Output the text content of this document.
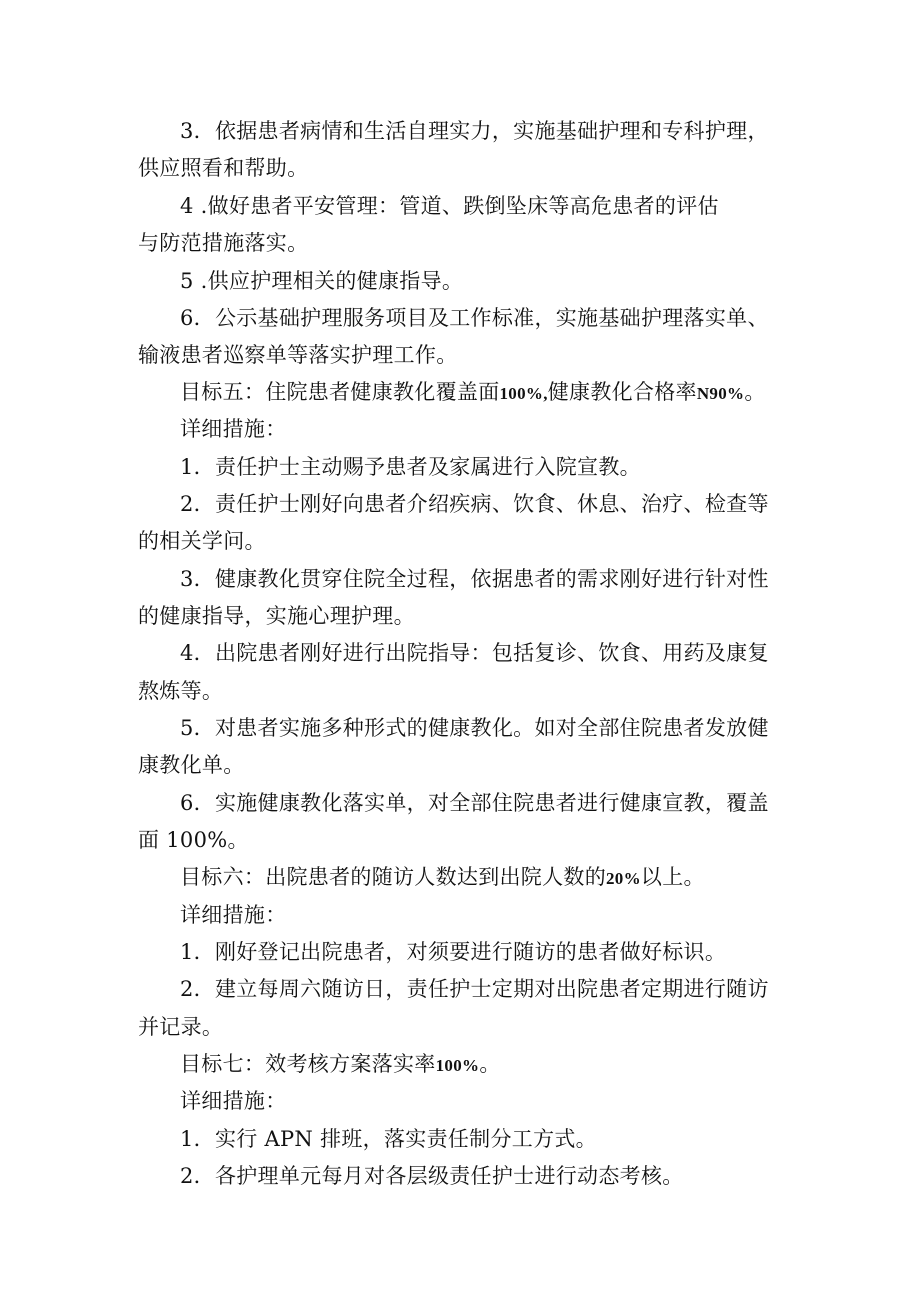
3．依据患者病情和生活自理实力，实施基础护理和专科护理，
供应照看和帮助。
4 .做好患者平安管理：管道、跌倒坠床等高危患者的评估
与防范措施落实。
5 .供应护理相关的健康指导。
6．公示基础护理服务项目及工作标准，实施基础护理落实单、
输液患者巡察单等落实护理工作。
目标五：住院患者健康教化覆盖面100%,健康教化合格率N90%。
详细措施：
1．责任护士主动赐予患者及家属进行入院宣教。
2．责任护士刚好向患者介绍疾病、饮食、休息、治疗、检查等
的相关学问。
3．健康教化贯穿住院全过程，依据患者的需求刚好进行针对性
的健康指导，实施心理护理。
4．出院患者刚好进行出院指导：包括复诊、饮食、用药及康复
熬炼等。
5．对患者实施多种形式的健康教化。如对全部住院患者发放健
康教化单。
6．实施健康教化落实单，对全部住院患者进行健康宣教，覆盖
面 100%。
目标六：出院患者的随访人数达到出院人数的20%以上。
详细措施：
1．刚好登记出院患者，对须要进行随访的患者做好标识。
2．建立每周六随访日，责任护士定期对出院患者定期进行随访
并记录。
目标七：效考核方案落实率100%。
详细措施：
1．实行 APN 排班，落实责任制分工方式。
2．各护理单元每月对各层级责任护士进行动态考核。
